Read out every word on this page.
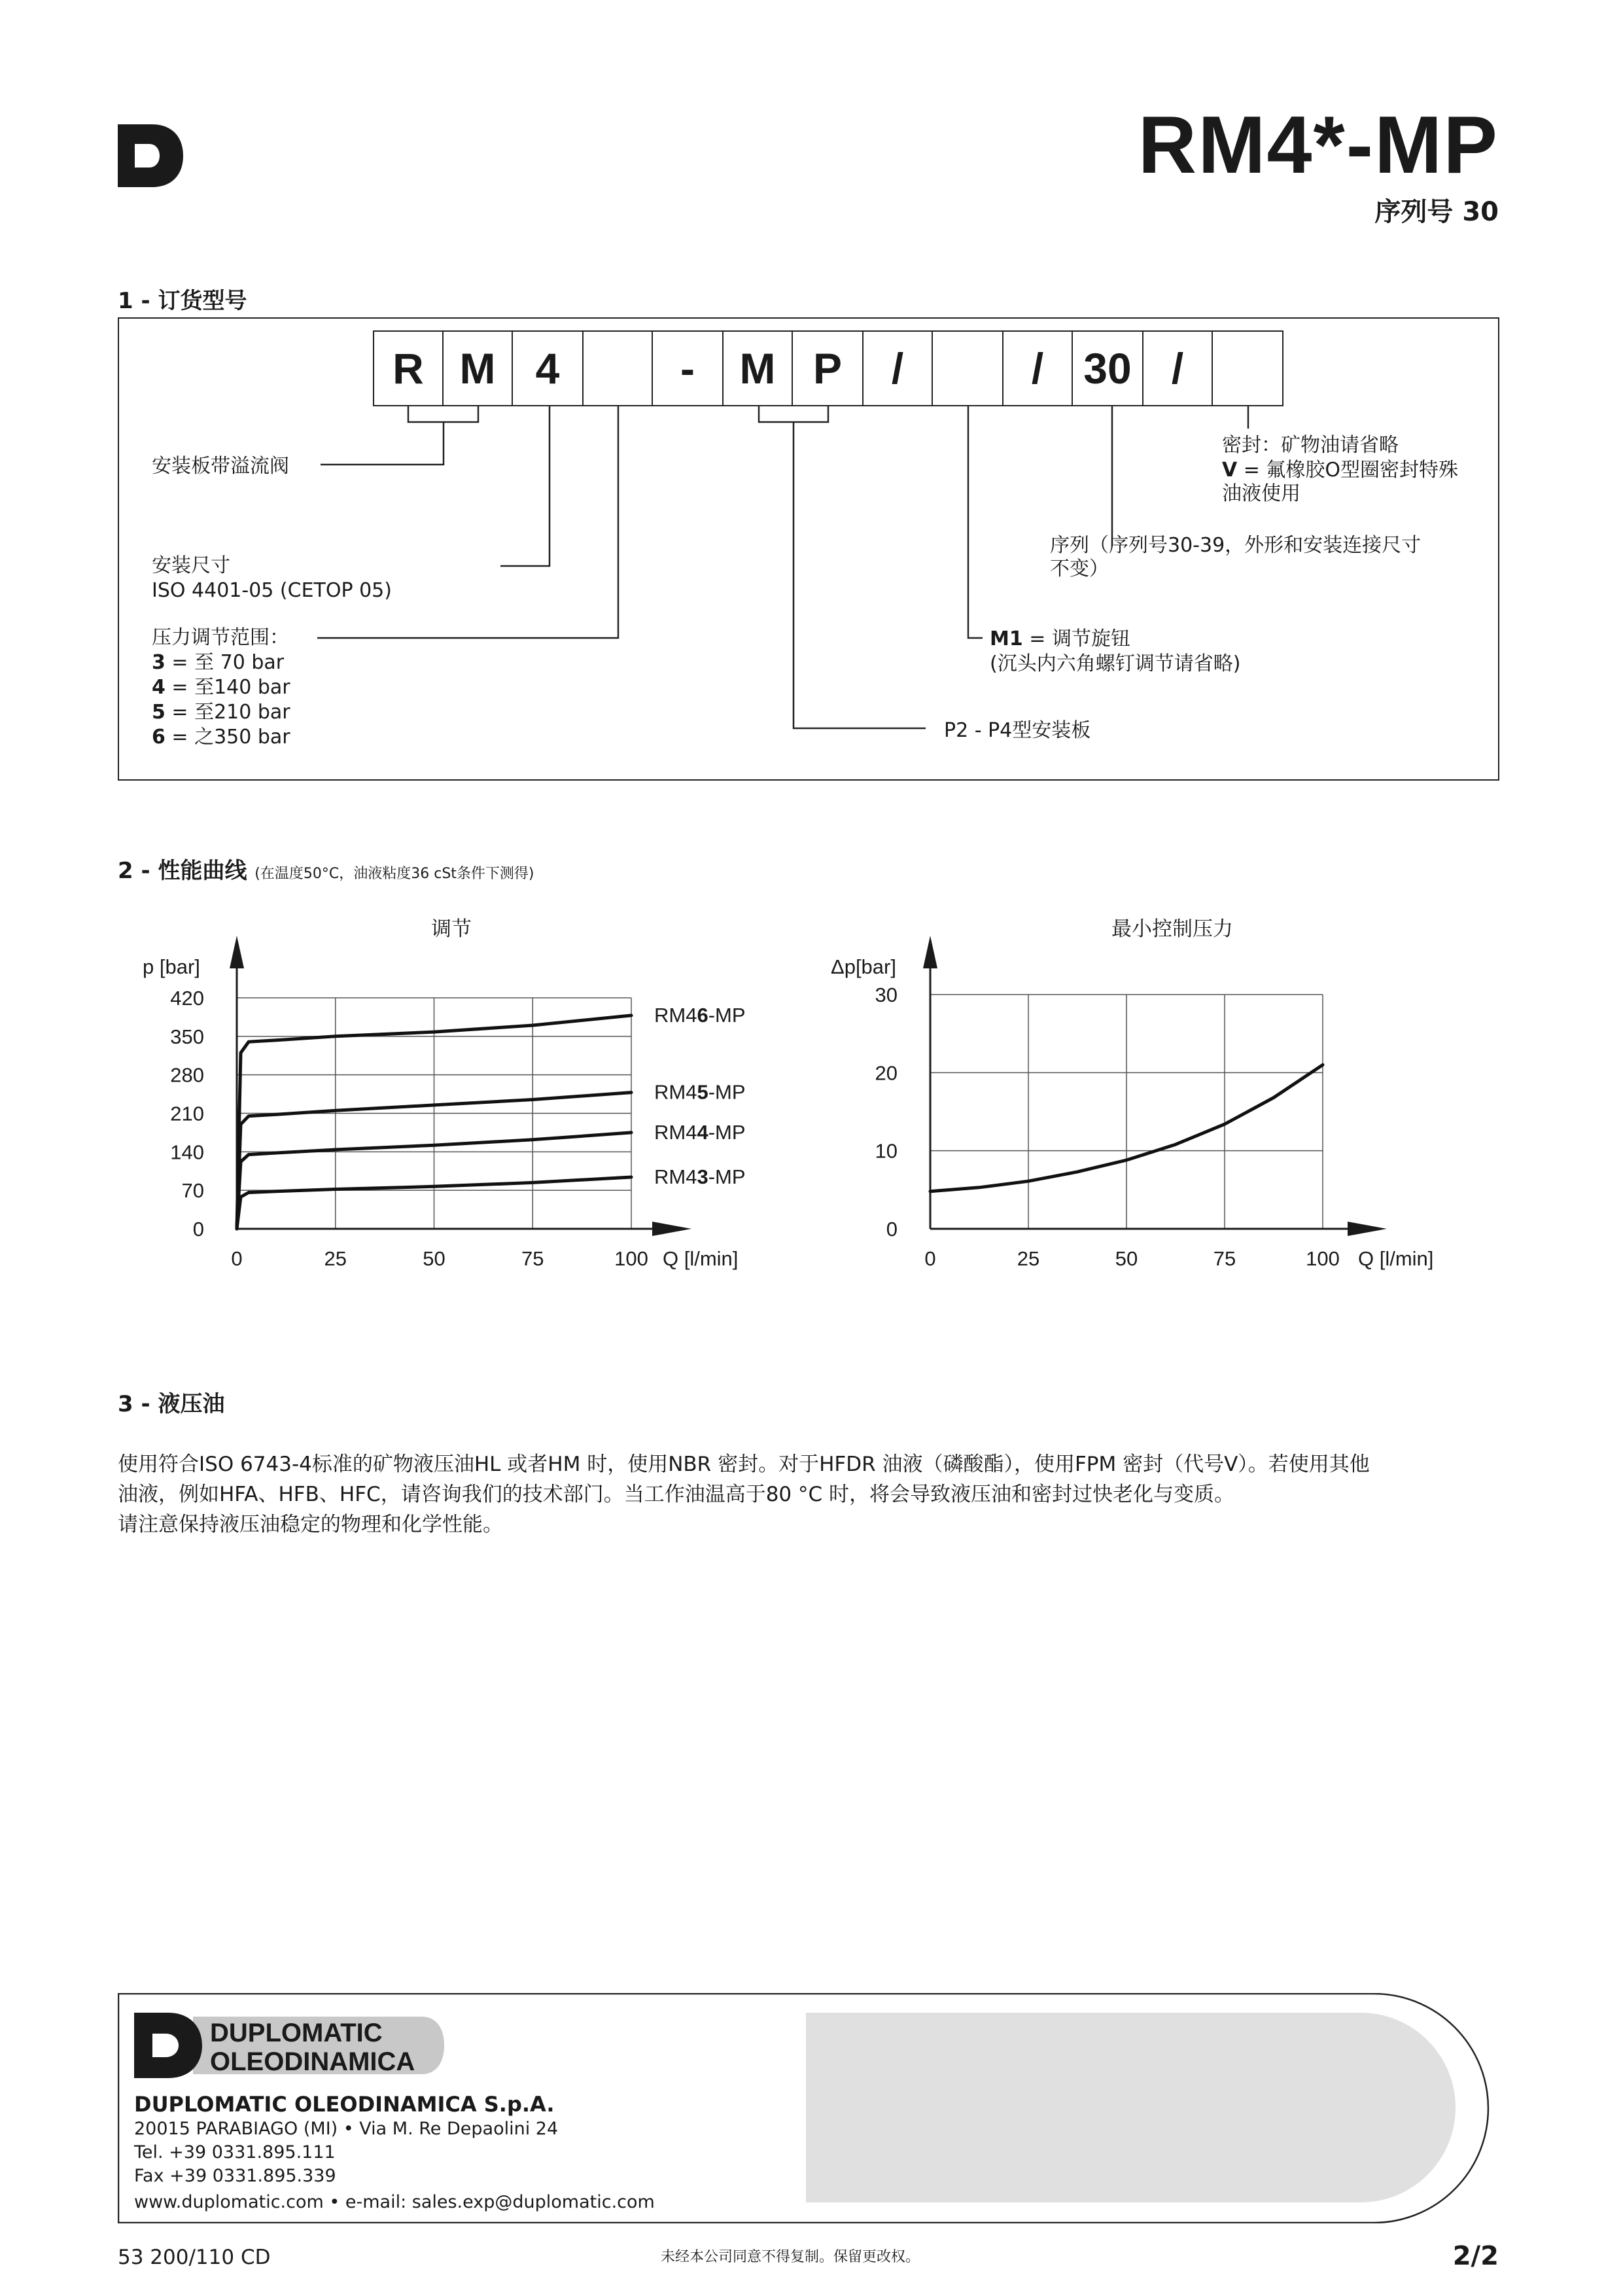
RM4*-MP
序列号 30
1 - 订货型号
R M 4	-	M P	/	/ 30 /
安装板带溢流阀
安装尺寸
ISO 4401-05 (CETOP 05)
压力调节范围：
3 = 至 70 bar
4 = 至140 bar
5 = 至210 bar
6 = 之350 bar	P2 - P4型安装板
M1 = 调节旋钮
(沉头内六角螺钉调节请省略)
序列（序列号30-39，外形和安装连接尺寸
不变）
密封：矿物油请省略
V = 氟橡胶O型圈密封特殊
油液使用
2 - 性能曲线 (在温度50°C，油液粘度36 cSt条件下测得)
0	25	50	75	100
0
70
140
210
280
350
420
p [bar]
Q [l/min]
调节
RM46-MP
RM45-MP
RM44-MP
RM43-MP
0	25	50	75	100
0
10
20
30
Δp[bar]
Q [l/min]
最小控制压力
3 - 液压油
使用符合ISO 6743-4标准的矿物液压油HL 或者HM 时，使用NBR 密封。对于HFDR 油液（磷酸酯），使用FPM 密封（代号V）。若使用其他
油液，例如HFA、HFB、HFC，请咨询我们的技术部门。当工作油温高于80 °C 时，将会导致液压油和密封过快老化与变质。
请注意保持液压油稳定的物理和化学性能。
DUPLOMATIC
OLEODINAMICA
DUPLOMATIC OLEODINAMICA S.p.A.
20015 PARABIAGO (MI) • Via M. Re Depaolini 24
Tel. +39 0331.895.111
Fax +39 0331.895.339
www.duplomatic.com • e-mail: sales.exp@duplomatic.com
53 200/110 CD	未经本公司同意不得复制。保留更改权。	2/2
